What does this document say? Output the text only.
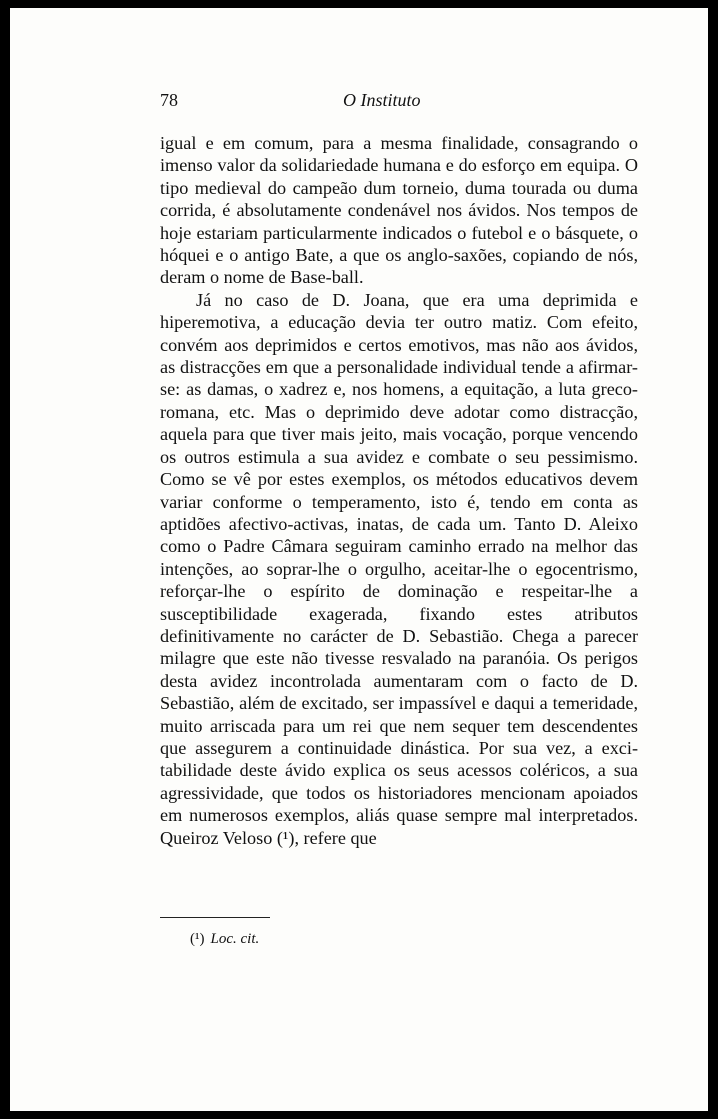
78	O Instituto

igual e em comum, para a mesma finalidade, consagrando o imenso valor da solidariedade humana e do esforço em equipa. O tipo medieval do campeão dum torneio, duma tourada ou duma corrida, é absolutamente condenável nos ávidos. Nos tempos de hoje estariam particularmente indicados o futebol e o básquete, o hóquei e o antigo Bate, a que os anglo-saxões, copiando de nós, deram o nome de Base-ball.

Já no caso de D. Joana, que era uma deprimida e hiperemotiva, a educação devia ter outro matiz. Com efeito, convém aos deprimidos e certos emotivos, mas não aos ávidos, as distracções em que a personalidade individual tende a afirmar-se: as damas, o xadrez e, nos homens, a equitação, a luta greco-romana, etc. Mas o deprimido deve adotar como distracção, aquela para que tiver mais jeito, mais vocação, porque vencendo os outros estimula a sua avidez e combate o seu pessimismo. Como se vê por estes exemplos, os métodos educativos devem variar conforme o temperamento, isto é, tendo em conta as aptidões afectivo-activas, inatas, de cada um. Tanto D. Aleixo como o Padre Câmara seguiram caminho errado na melhor das intenções, ao soprar-lhe o orgulho, aceitar-lhe o egocentrismo, reforçar-lhe o espírito de dominação e respeitar-lhe a susceptibilidade exagerada, fixando estes atributos definitivamente no carácter de D. Sebastião. Chega a parecer milagre que este não tivesse resvalado na paranóia. Os perigos desta avidez incontrolada aumentaram com o facto de D. Sebastião, além de excitado, ser impassível e daqui a temeridade, muito arriscada para um rei que nem sequer tem descendentes que assegurem a continuidade dinástica. Por sua vez, a excitabilidade deste ávido explica os seus acessos coléricos, a sua agressividade, que todos os historiadores mencionam apoiados em numerosos exemplos, aliás quase sempre mal interpretados. Queiroz Veloso (¹), refere que

(¹) Loc. cit.
